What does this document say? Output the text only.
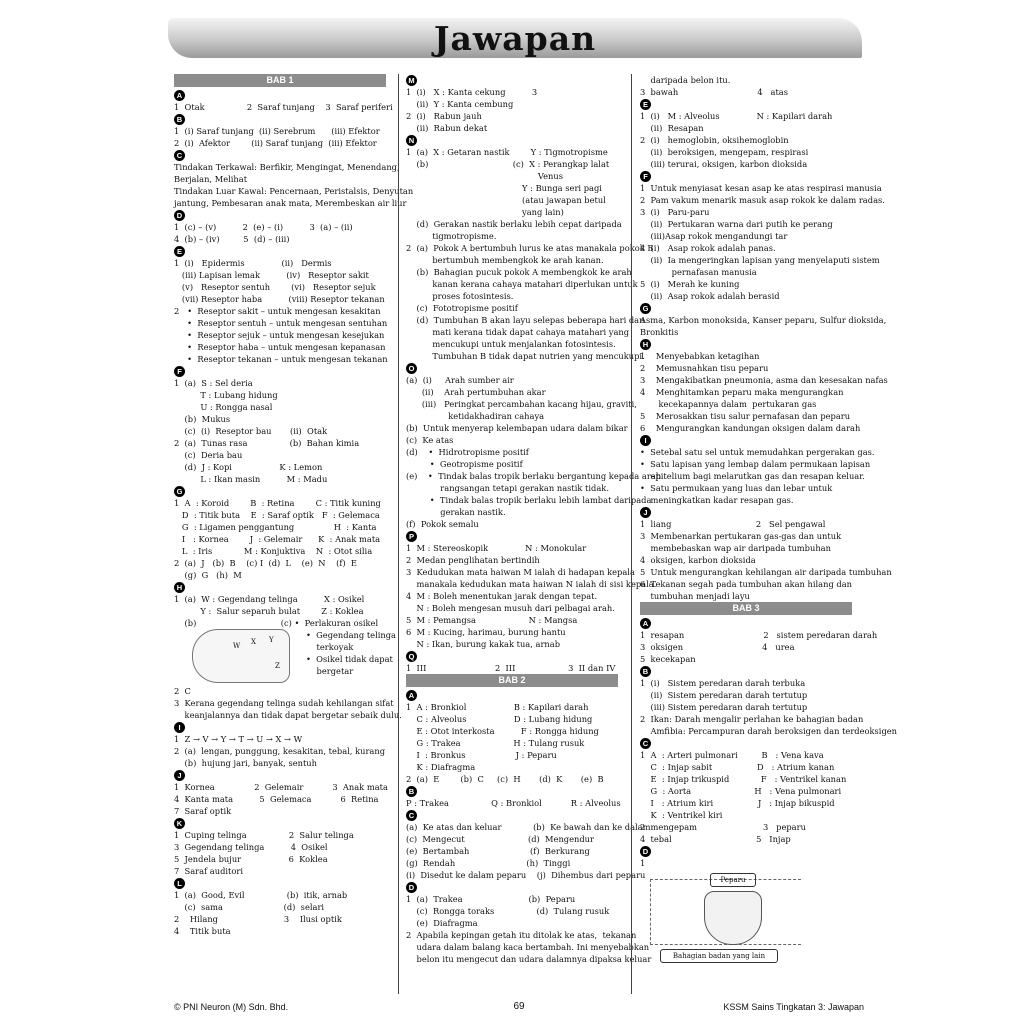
Jawapan
BAB 1
A
1  Otak                2  Saraf tunjang    3  Saraf periferi
B
1  (i) Saraf tunjang  (ii) Serebrum      (iii) Efektor
2  (i)  Afektor        (ii) Saraf tunjang  (iii) Efektor
C
Tindakan Terkawal: Berfikir, Mengingat, Menendang,
Berjalan, Melihat
Tindakan Luar Kawal: Pencernaan, Peristalsis, Denyutan
jantung, Pembesaran anak mata, Merembeskan air liur
D
1  (c) – (v)          2  (e) – (i)          3  (a) – (ii)
4  (b) – (iv)         5  (d) – (iii)
E
1  (i)   Epidermis              (ii)   Dermis
(iii) Lapisan lemak          (iv)   Reseptor sakit
(v)   Reseptor sentuh        (vi)   Reseptor sejuk
(vii) Reseptor haba          (viii) Reseptor tekanan
2   •  Reseptor sakit – untuk mengesan kesakitan
•  Reseptor sentuh – untuk mengesan sentuhan
•  Reseptor sejuk – untuk mengesan kesejukan
•  Reseptor haba – untuk mengesan kepanasan
•  Reseptor tekanan – untuk mengesan tekanan
F
1  (a)  S : Sel deria
T : Lubang hidung
U : Rongga nasal
(b)  Mukus
(c)  (i)  Reseptor bau       (ii)  Otak
2  (a)  Tunas rasa                (b)  Bahan kimia
(c)  Deria bau
(d)  J : Kopi                  K : Lemon
L : Ikan masin          M : Madu
G
1  A  : Koroid        B  : Retina        C : Titik kuning
D  : Titik buta    E  : Saraf optik   F  : Gelemaca
G  : Ligamen penggantung               H  : Kanta
I   : Kornea        J  : Gelemair      K  : Anak mata
L  : Iris            M : Konjuktiva    N  : Otot silia
2  (a)  J   (b)  B    (c) I  (d)  L    (e)  N    (f)  E
(g)  G   (h)  M
H
1  (a)  W : Gegendang telinga          X : Osikel
Y :  Salur separuh bulat        Z : Koklea
(b)                                (c) •  Perlakuran osikel
W X Y
Z
•  Gegendang telinga
terkoyak
•  Osikel tidak dapat
bergetar
2  C
3  Kerana gegendang telinga sudah kehilangan sifat
keanjalannya dan tidak dapat bergetar sebaik dulu.
I
1  Z → V → Y → T → U → X → W
2  (a)  lengan, punggung, kesakitan, tebal, kurang
(b)  hujung jari, banyak, sentuh
J
1  Kornea               2  Gelemair           3  Anak mata
4  Kanta mata          5  Gelemaca           6  Retina
7  Saraf optik
K
1  Cuping telinga                2  Salur telinga
3  Gegendang telinga          4  Osikel
5  Jendela bujur                  6  Koklea
7  Saraf auditori
L
1  (a)  Good, Evil                (b)  itik, arnab
(c)  sama                       (d)  selari
2    Hilang                         3    Ilusi optik
4    Titik buta
M
1  (i)   X : Kanta cekung          3
(ii)  Y : Kanta cembung
2  (i)   Rabun jauh
(ii)  Rabun dekat
N
1  (a)  X : Getaran nastik        Y : Tigmotropisme
(b)                                (c)  X : Perangkap lalat
Venus
Y : Bunga seri pagi
(atau jawapan betul
yang lain)
(d)  Gerakan nastik berlaku lebih cepat daripada
tigmotropisme.
2  (a)  Pokok A bertumbuh lurus ke atas manakala pokok B
bertumbuh membengkok ke arah kanan.
(b)  Bahagian pucuk pokok A membengkok ke arah
kanan kerana cahaya matahari diperlukan untuk
proses fotosintesis.
(c)  Fototropisme positif
(d)  Tumbuhan B akan layu selepas beberapa hari dan
mati kerana tidak dapat cahaya matahari yang
mencukupi untuk menjalankan fotosintesis.
Tumbuhan B tidak dapat nutrien yang mencukupi.
O
(a)  (i)     Arah sumber air
(ii)    Arah pertumbuhan akar
(iii)   Peringkat percambahan kacang hijau, graviti,
ketidakhadiran cahaya
(b)  Untuk menyerap kelembapan udara dalam bikar
(c)  Ke atas
(d)    •  Hidrotropisme positif
•  Geotropisme positif
(e)    •  Tindak balas tropik berlaku bergantung kepada arah
rangsangan tetapi gerakan nastik tidak.
•  Tindak balas tropik berlaku lebih lambat daripada
gerakan nastik.
(f)  Pokok semalu
P
1  M : Stereoskopik              N : Monokular
2  Medan penglihatan bertindih
3  Kedudukan mata haiwan M ialah di hadapan kepala
manakala kedudukan mata haiwan N ialah di sisi kepala.
4  M : Boleh menentukan jarak dengan tepat.
N : Boleh mengesan musuh dari pelbagai arah.
5  M : Pemangsa                    N : Mangsa
6  M : Kucing, harimau, burung hantu
N : Ikan, burung kakak tua, arnab
Q
1  III                          2  III                    3  II dan IV
BAB 2
A
1  A : Bronkiol                  B : Kapilari darah
C : Alveolus                  D : Lubang hidung
E : Otot interkosta          F : Rongga hidung
G : Trakea                    H : Tulang rusuk
I  : Bronkus                   J : Peparu
K : Diafragma
2  (a)  E        (b)  C     (c)  H       (d)  K       (e)  B
B
P : Trakea                Q : Bronkiol           R : Alveolus
C
(a)  Ke atas dan keluar            (b)  Ke bawah dan ke dalam
(c)  Mengecut                        (d)  Mengendur
(e)  Bertambah                       (f)  Berkurang
(g)  Rendah                           (h)  Tinggi
(i)  Disedut ke dalam peparu    (j)  Dihembus dari peparu
D
1  (a)  Trakea                         (b)  Peparu
(c)  Rongga toraks                (d)  Tulang rusuk
(e)  Diafragma
2  Apabila kepingan getah itu ditolak ke atas,  tekanan
udara dalam balang kaca bertambah. Ini menyebabkan
belon itu mengecut dan udara dalamnya dipaksa keluar
daripada belon itu.
3  bawah                              4   atas
E
1  (i)   M : Alveolus              N : Kapilari darah
(ii)  Resapan
2  (i)   hemoglobin, oksihemoglobin
(ii)  beroksigen, mengepam, respirasi
(iii) terurai, oksigen, karbon dioksida
F
1  Untuk menyiasat kesan asap ke atas respirasi manusia
2  Pam vakum menarik masuk asap rokok ke dalam radas.
3  (i)   Paru-paru
(ii)  Pertukaran warna dari putih ke perang
(iii)Asap rokok mengandungi tar
4  (i)   Asap rokok adalah panas.
(ii)  Ia mengeringkan lapisan yang menyelaputi sistem
pernafasan manusia
5  (i)   Merah ke kuning
(ii)  Asap rokok adalah berasid
G
Asma, Karbon monoksida, Kanser peparu, Sulfur dioksida,
Bronkitis
H
1    Menyebabkan ketagihan
2    Memusnahkan tisu peparu
3    Mengakibatkan pneumonia, asma dan kesesakan nafas
4    Menghitamkan peparu maka mengurangkan
kecekapannya dalam  pertukaran gas
5    Merosakkan tisu salur pernafasan dan peparu
6    Mengurangkan kandungan oksigen dalam darah
I
•  Setebal satu sel untuk memudahkan pergerakan gas.
•  Satu lapisan yang lembap dalam permukaan lapisan
epitelium bagi melarutkan gas dan resapan keluar.
•  Satu permukaan yang luas dan lebar untuk
meningkatkan kadar resapan gas.
J
1  liang                                2   Sel pengawal
3  Membenarkan pertukaran gas-gas dan untuk
membebaskan wap air daripada tumbuhan
4  oksigen, karbon dioksida
5  Untuk mengurangkan kehilangan air daripada tumbuhan
6  Tekanan segah pada tumbuhan akan hilang dan
tumbuhan menjadi layu
BAB 3
A
1  resapan                              2   sistem peredaran darah
3  oksigen                              4   urea
5  kecekapan
B
1  (i)   Sistem peredaran darah terbuka
(ii)  Sistem peredaran darah tertutup
(iii) Sistem peredaran darah tertutup
2  Ikan: Darah mengalir perlahan ke bahagian badan
Amfibia: Percampuran darah beroksigen dan terdeoksigen
C
1  A  : Arteri pulmonari         B   : Vena kava
C  : Injap sabit                 D   : Atrium kanan
E  : Injap trikuspid            F   : Ventrikel kanan
G  : Aorta                        H   : Vena pulmonari
I   : Atrium kiri                 J   : Injap bikuspid
K  : Ventrikel kiri
2  mengepam                         3   peparu
4  tebal                                5   Injap
D
1
Peparu
Bahagian badan yang lain
© PNI Neuron (M) Sdn. Bhd.	69	KSSM Sains Tingkatan 3: Jawapan
